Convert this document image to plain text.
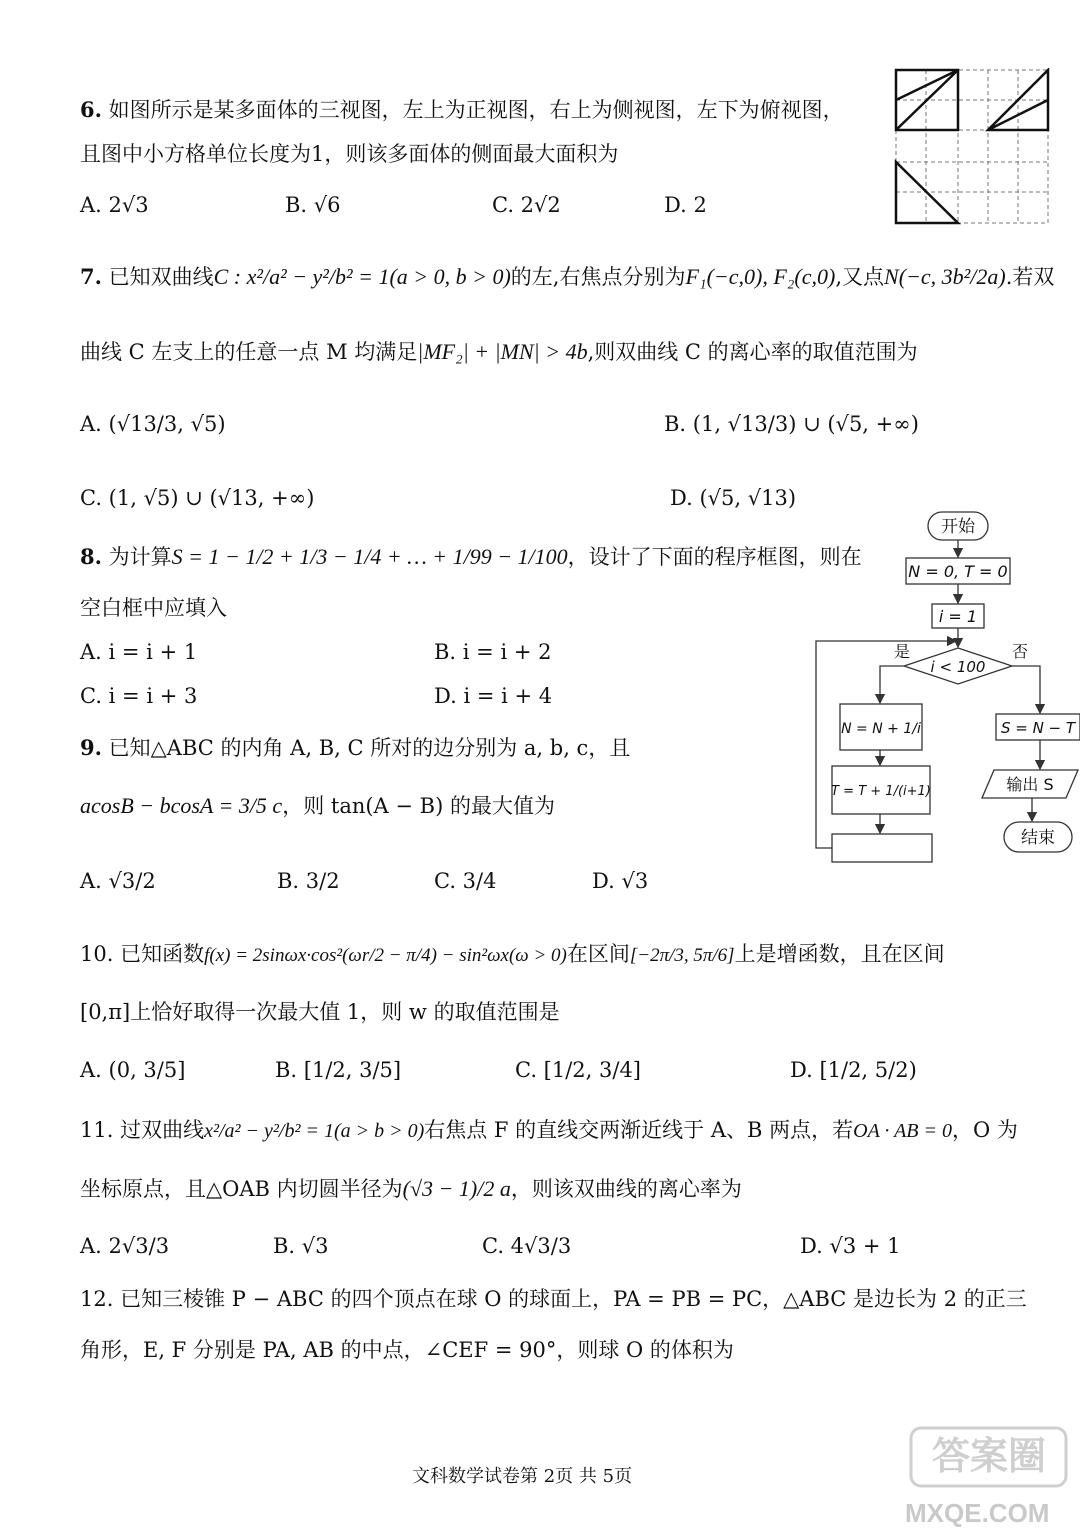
6. 如图所示是某多面体的三视图，左上为正视图，右上为侧视图，左下为俯视图，
且图中小方格单位长度为1，则该多面体的侧面最大面积为
A. 2√3	B. √6	C. 2√2	D. 2
7. 已知双曲线C : x²/a² − y²/b² = 1(a > 0, b > 0)的左,右焦点分别为F₁(−c,0), F₂(c,0),又点N(−c, 3b²/2a).若双
曲线 C 左支上的任意一点 M 均满足|MF₂| + |MN| > 4b,则双曲线 C 的离心率的取值范围为
A. (√13/3, √5)	B. (1, √13/3) ∪ (√5, +∞)
C. (1, √5) ∪ (√13, +∞)	D. (√5, √13)
8. 为计算S = 1 − 1/2 + 1/3 − 1/4 + … + 1/99 − 1/100，设计了下面的程序框图，则在
空白框中应填入
A. i = i + 1	B. i = i + 2
C. i = i + 3	D. i = i + 4
开始
N = 0, T = 0
i = 1
i < 100
是	否
N = N + 1/i
T = T + 1/(i+1)
S = N − T
输出 S
结束
9. 已知△ABC 的内角 A, B, C 所对的边分别为 a, b, c，且
acosB − bcosA = 3/5 c，则 tan(A − B) 的最大值为
A. √3/2	B. 3/2	C. 3/4	D. √3
10. 已知函数f(x) = 2sinωx·cos²(ωr/2 − π/4) − sin²ωx(ω > 0)在区间[−2π/3, 5π/6]上是增函数，且在区间
[0,π]上恰好取得一次最大值 1，则 w 的取值范围是
A. (0, 3/5]	B. [1/2, 3/5]	C. [1/2, 3/4]	D. [1/2, 5/2)
11. 过双曲线x²/a² − y²/b² = 1(a > b > 0)右焦点 F 的直线交两渐近线于 A、B 两点，若OA · AB = 0，O 为
坐标原点，且△OAB 内切圆半径为(√3 − 1)/2 a，则该双曲线的离心率为
A. 2√3/3	B. √3	C. 4√3/3	D. √3 + 1
12. 已知三棱锥 P − ABC 的四个顶点在球 O 的球面上，PA = PB = PC，△ABC 是边长为 2 的正三
角形，E, F 分别是 PA, AB 的中点，∠CEF = 90°，则球 O 的体积为
文科数学试卷第 2页 共 5页	答案圈
MXQE.COM
